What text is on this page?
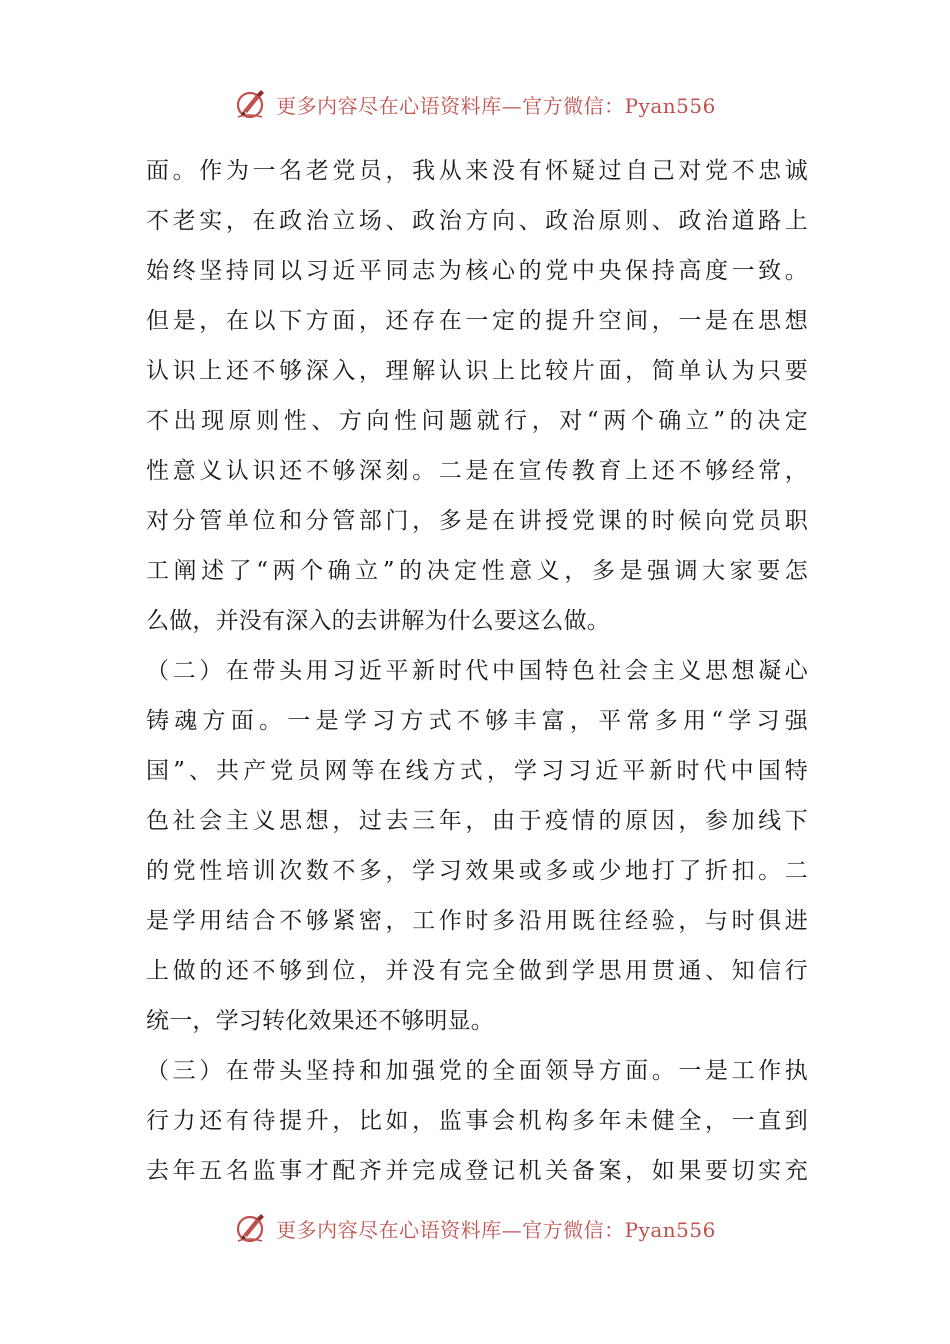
更多内容尽在心语资料库—官方微信：Pyan556
面。作为一名老党员，我从来没有怀疑过自己对党不忠诚
不老实，在政治立场、政治方向、政治原则、政治道路上
始终坚持同以习近平同志为核心的党中央保持高度一致。
但是，在以下方面，还存在一定的提升空间，一是在思想
认识上还不够深入，理解认识上比较片面，简单认为只要
不出现原则性、方向性问题就行，对“两个确立”的决定
性意义认识还不够深刻。二是在宣传教育上还不够经常，
对分管单位和分管部门，多是在讲授党课的时候向党员职
工阐述了“两个确立”的决定性意义，多是强调大家要怎
么做，并没有深入的去讲解为什么要这么做。
（二）在带头用习近平新时代中国特色社会主义思想凝心
铸魂方面。一是学习方式不够丰富，平常多用“学习强
国”、共产党员网等在线方式，学习习近平新时代中国特
色社会主义思想，过去三年，由于疫情的原因，参加线下
的党性培训次数不多，学习效果或多或少地打了折扣。二
是学用结合不够紧密，工作时多沿用既往经验，与时俱进
上做的还不够到位，并没有完全做到学思用贯通、知信行
统一，学习转化效果还不够明显。
（三）在带头坚持和加强党的全面领导方面。一是工作执
行力还有待提升，比如，监事会机构多年未健全，一直到
去年五名监事才配齐并完成登记机关备案，如果要切实充
更多内容尽在心语资料库—官方微信：Pyan556
